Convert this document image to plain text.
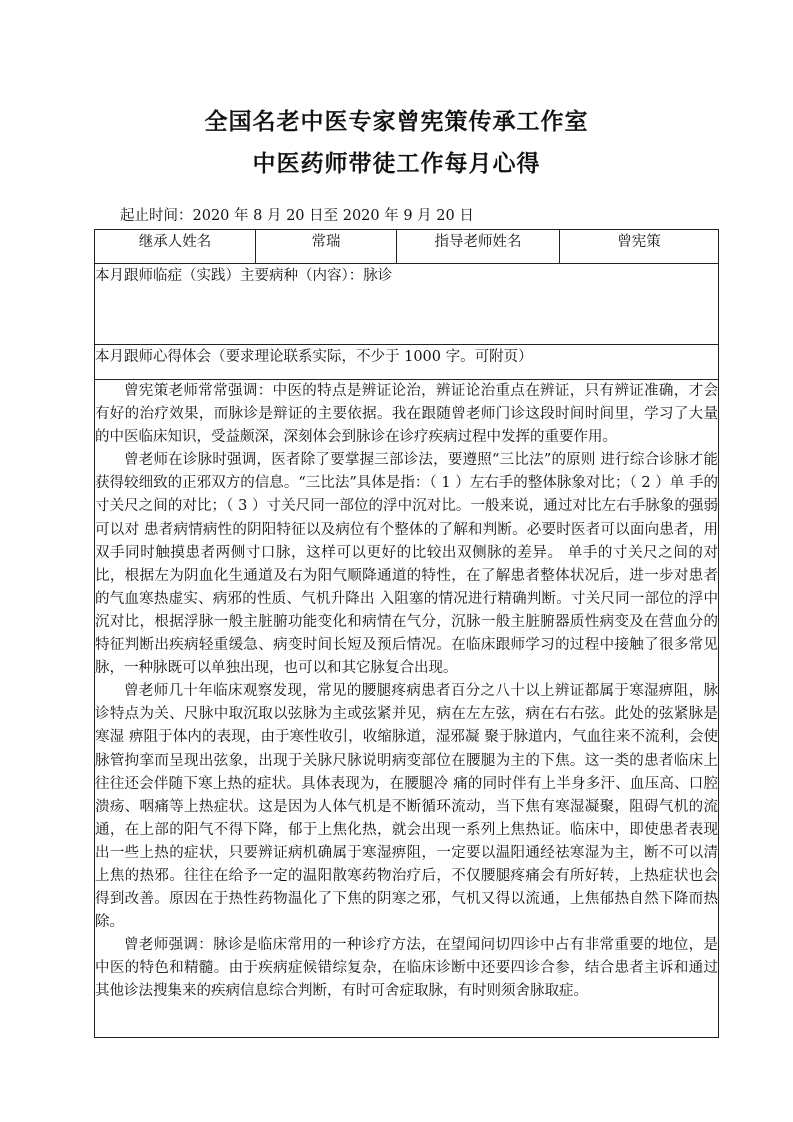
全国名老中医专家曾宪策传承工作室
中医药师带徒工作每月心得
起止时间：2020 年 8 月 20 日至 2020 年 9 月 20 日
继承人姓名	常瑞	指导老师姓名	曾宪策
本月跟师临症（实践）主要病种（内容）：脉诊
本月跟师心得体会（要求理论联系实际，不少于 1000 字。可附页）

曾宪策老师常常强调：中医的特点是辨证论治，辨证论治重点在辨证，只有辨证准确，才会有好的治疗效果，而脉诊是辩证的主要依据。我在跟随曾老师门诊这段时间时间里，学习了大量的中医临床知识，受益颇深，深刻体会到脉诊在诊疗疾病过程中发挥的重要作用。

曾老师在诊脉时强调，医者除了要掌握三部诊法，要遵照“三比法”的原则 进行综合诊脉才能获得较细致的正邪双方的信息。“三比法”具体是指：（ 1 ）左右手的整体脉象对比；（ 2 ）单 手的寸关尺之间的对比；（ 3 ）寸关尺同一部位的浮中沉对比。一般来说，通过对比左右手脉象的强弱可以对 患者病情病性的阴阳特征以及病位有个整体的了解和判断。必要时医者可以面向患者，用双手同时触摸患者两侧寸口脉，这样可以更好的比较出双侧脉的差异。 单手的寸关尺之间的对比，根据左为阴血化生通道及右为阳气顺降通道的特性，在了解患者整体状况后，进一步对患者的气血寒热虚实、病邪的性质、气机升降出 入阻塞的情况进行精确判断。寸关尺同一部位的浮中沉对比，根据浮脉一般主脏腑功能变化和病情在气分，沉脉一般主脏腑器质性病变及在营血分的特征判断出疾病轻重缓急、病变时间长短及预后情况。在临床跟师学习的过程中接触了很多常见脉，一种脉既可以单独出现，也可以和其它脉复合出现。

曾老师几十年临床观察发现，常见的腰腿疼病患者百分之八十以上辨证都属于寒湿痹阻，脉诊特点为关、尺脉中取沉取以弦脉为主或弦紧并见，病在左左弦，病在右右弦。此处的弦紧脉是寒湿 痹阻于体内的表现，由于寒性收引，收缩脉道，湿邪凝 聚于脉道内，气血往来不流利，会使脉管拘挛而呈现出弦象，出现于关脉尺脉说明病变部位在腰腿为主的下焦。这一类的患者临床上往往还会伴随下寒上热的症状。具体表现为，在腰腿冷 痛的同时伴有上半身多汗、血压高、口腔溃疡、咽痛等上热症状。这是因为人体气机是不断循环流动，当下焦有寒湿凝聚，阻碍气机的流通，在上部的阳气不得下降，郁于上焦化热，就会出现一系列上焦热证。临床中，即使患者表现出一些上热的症状，只要辨证病机确属于寒湿痹阻，一定要以温阳通经祛寒湿为主，断不可以清上焦的热邪。往往在给予一定的温阳散寒药物治疗后，不仅腰腿疼痛会有所好转，上热症状也会得到改善。原因在于热性药物温化了下焦的阴寒之邪，气机又得以流通，上焦郁热自然下降而热除。

曾老师强调：脉诊是临床常用的一种诊疗方法，在望闻问切四诊中占有非常重要的地位，是中医的特色和精髓。由于疾病症候错综复杂，在临床诊断中还要四诊合参，结合患者主诉和通过其他诊法搜集来的疾病信息综合判断，有时可舍症取脉，有时则须舍脉取症。
